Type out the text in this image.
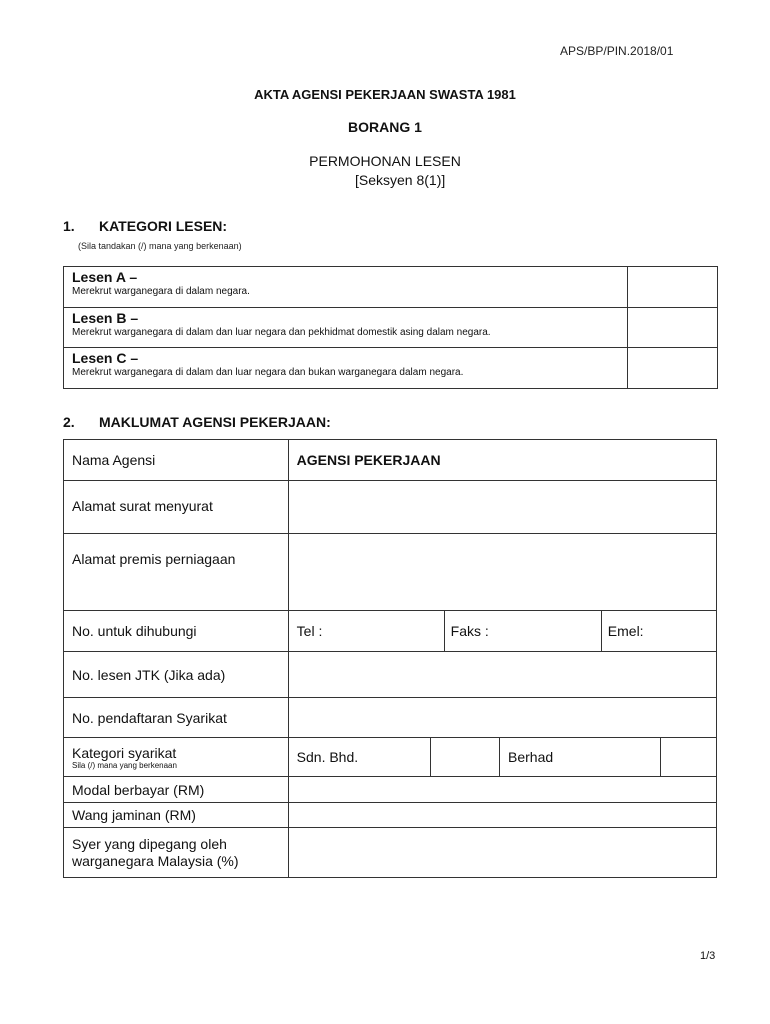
APS/BP/PIN.2018/01
AKTA AGENSI PEKERJAAN SWASTA 1981
BORANG 1
PERMOHONAN LESEN
[Seksyen 8(1)]
1. KATEGORI LESEN:
(Sila tandakan (/) mana yang berkenaan)
Lesen A –
Merekrut warganegara di dalam negara.	

Lesen B –
Merekrut warganegara di dalam dan luar negara dan pekhidmat domestik asing dalam negara.	

Lesen C –
Merekrut warganegara di dalam dan luar negara dan bukan warganegara dalam negara.	

2. MAKLUMAT AGENSI PEKERJAAN:
Nama Agensi	AGENSI PEKERJAAN					
Alamat surat menyurat						
Alamat premis perniagaan						
No. untuk dihubungi	Tel :		Faks :		Emel:	
No. lesen JTK (Jika ada)						
No. pendaftaran Syarikat						
Kategori syarikat
Sila (/) mana yang berkenaan	Sdn. Bhd.			Berhad		
Modal berbayar (RM)						
Wang jaminan (RM)						
Syer yang dipegang oleh warganegara Malaysia (%)						
1/3
